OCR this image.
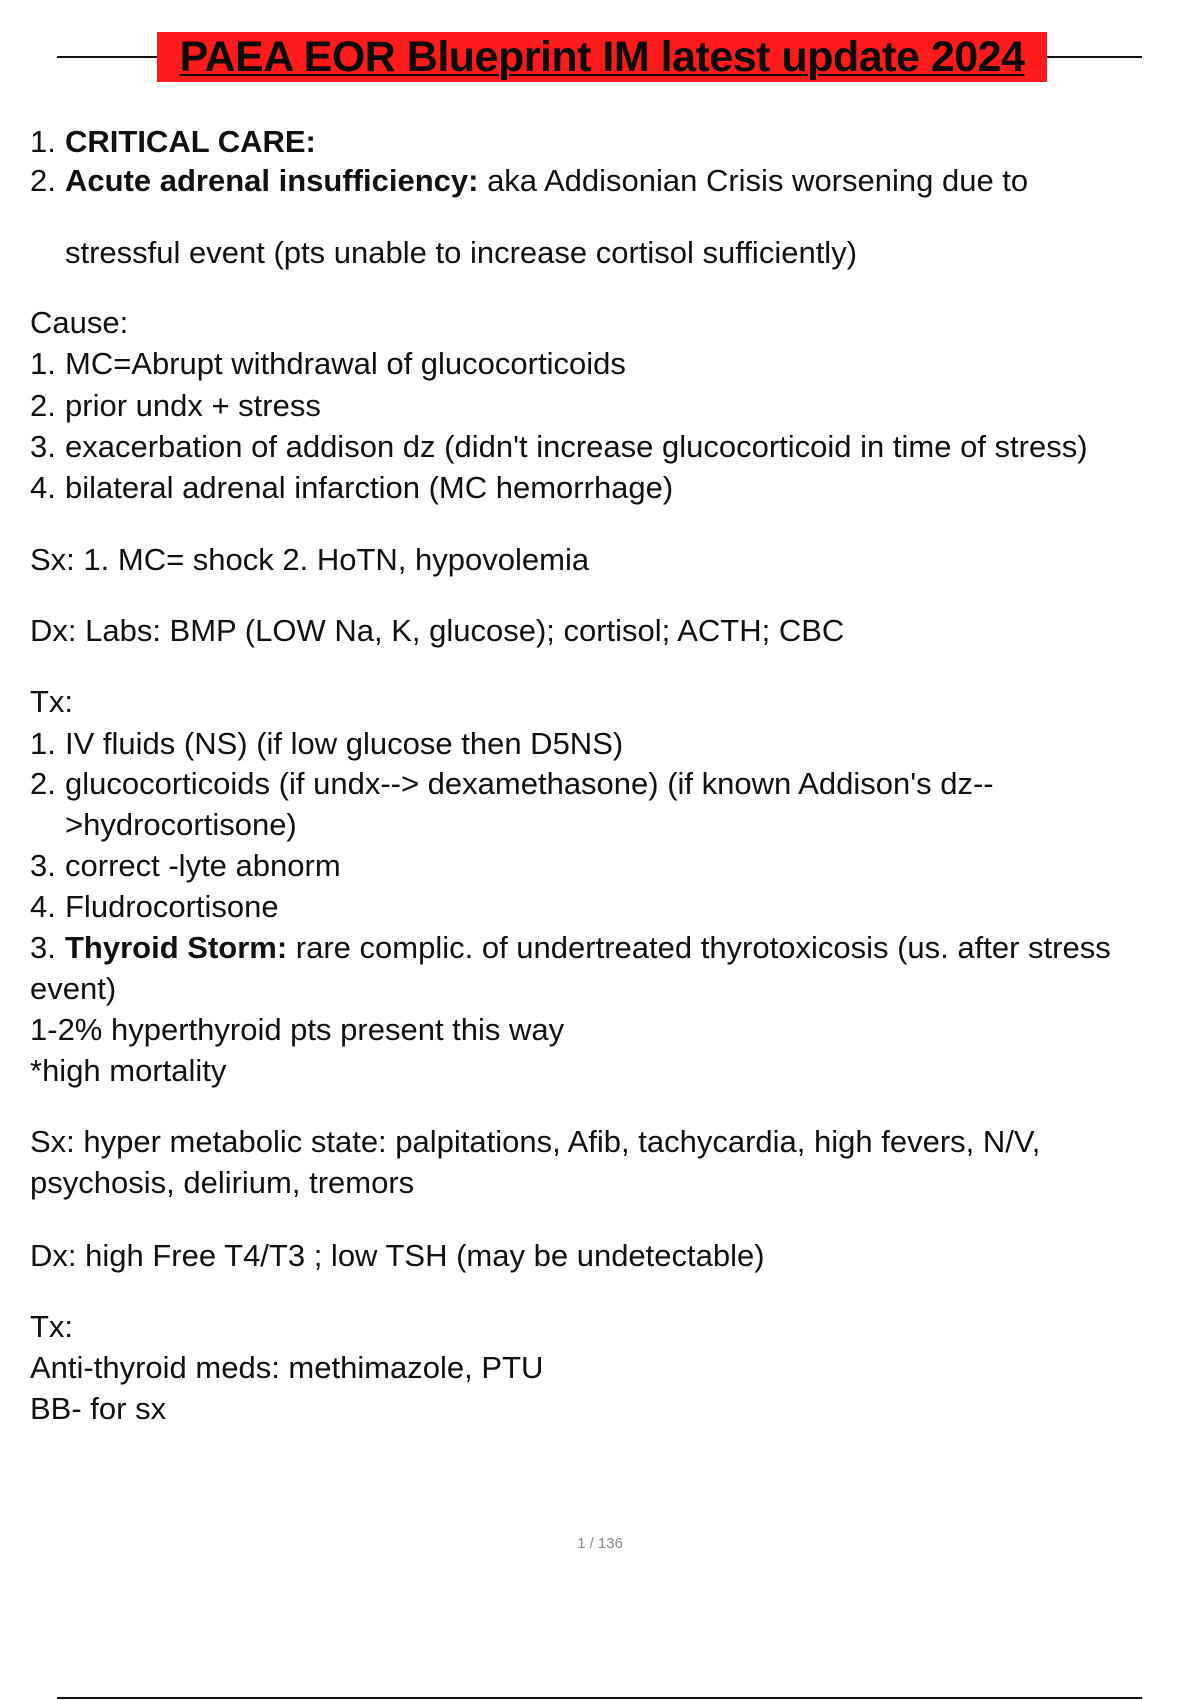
PAEA EOR Blueprint IM latest update 2024
1. CRITICAL CARE:
2. Acute adrenal insufficiency: aka Addisonian Crisis worsening due to
stressful event (pts unable to increase cortisol sufficiently)
Cause:
1. MC=Abrupt withdrawal of glucocorticoids
2. prior undx + stress
3. exacerbation of addison dz (didn't increase glucocorticoid in time of stress)
4. bilateral adrenal infarction (MC hemorrhage)
Sx: 1. MC= shock 2. HoTN, hypovolemia
Dx: Labs: BMP (LOW Na, K, glucose); cortisol; ACTH; CBC
Tx:
1. IV fluids (NS) (if low glucose then D5NS)
2. glucocorticoids (if undx--> dexamethasone) (if known Addison's dz--
>hydrocortisone)
3. correct -lyte abnorm
4. Fludrocortisone
3. Thyroid Storm: rare complic. of undertreated thyrotoxicosis (us. after stress
event)
1-2% hyperthyroid pts present this way
*high mortality
Sx: hyper metabolic state: palpitations, Afib, tachycardia, high fevers, N/V,
psychosis, delirium, tremors
Dx: high Free T4/T3 ; low TSH (may be undetectable)
Tx:
Anti-thyroid meds: methimazole, PTU
BB- for sx
1 / 136
